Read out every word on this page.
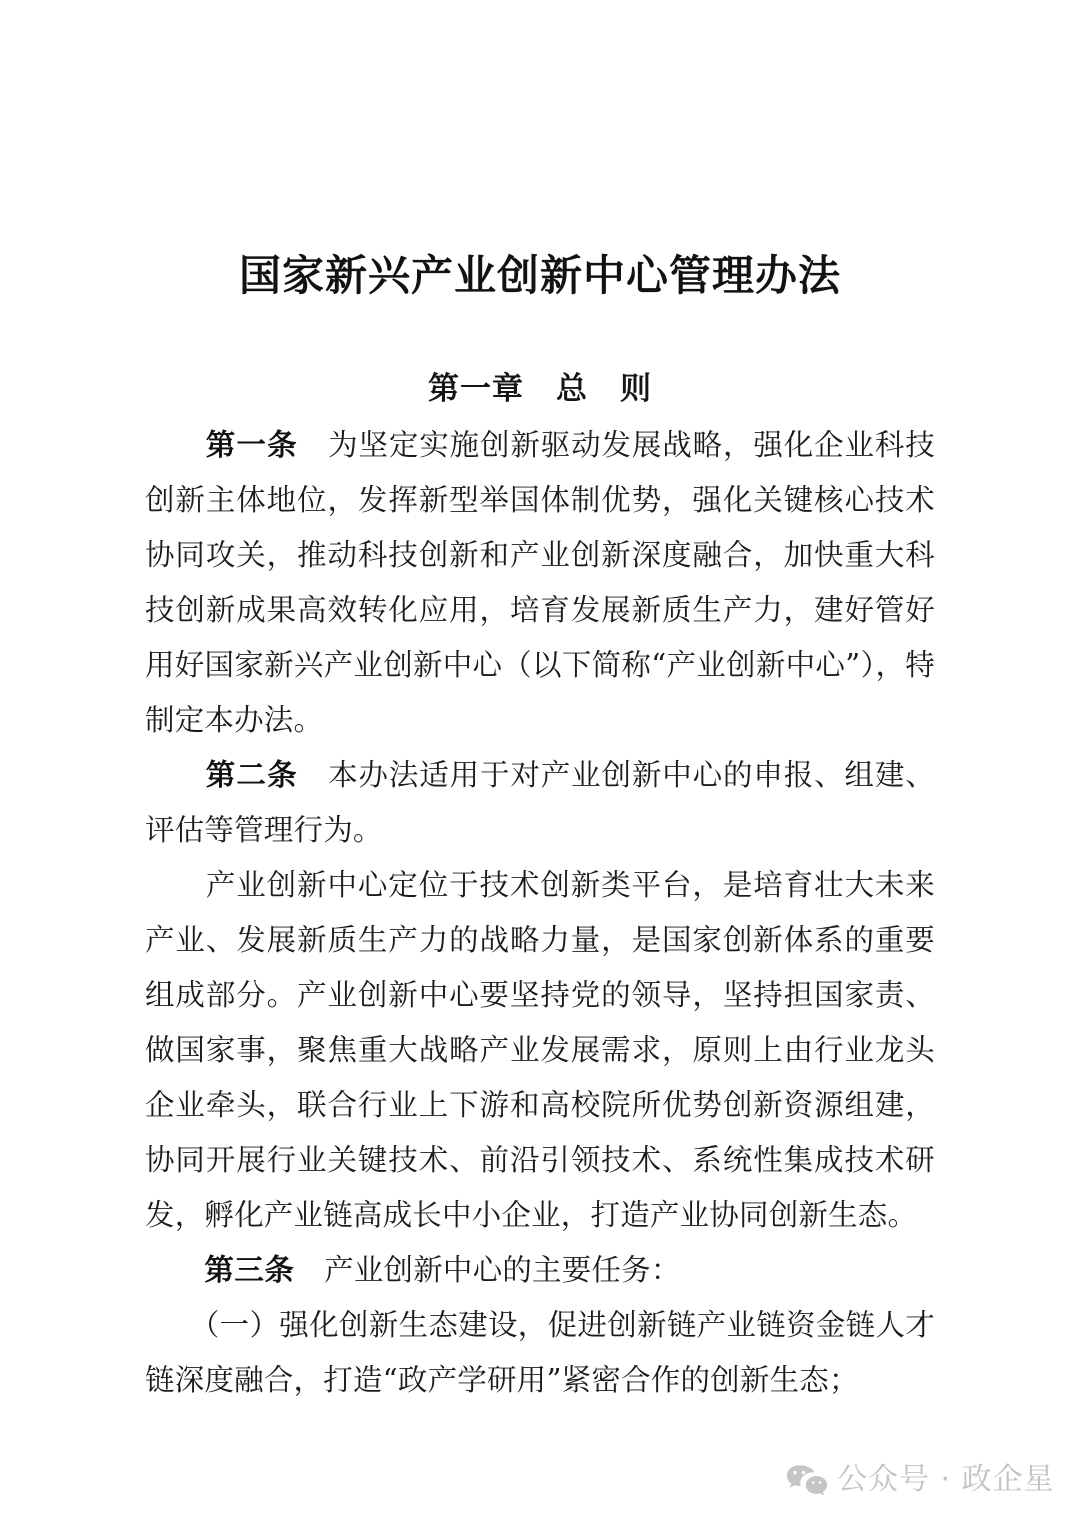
国家新兴产业创新中心管理办法
第一章　总　则

　　第一条　 为坚定实施创新驱动发展战略，强化企业科技创新主体地位，发挥新型举国体制优势，强化关键核心技术协同攻关，推动科技创新和产业创新深度融合，加快重大科技创新成果高效转化应用，培育发展新质生产力，建好管好用好国家新兴产业创新中心（以下简称“产业创新中心”），特制定本办法。

　　第二条　 本办法适用于对产业创新中心的申报、组建、评估等管理行为。

　　产业创新中心定位于技术创新类平台，是培育壮大未来产业、发展新质生产力的战略力量，是国家创新体系的重要组成部分。产业创新中心要坚持党的领导，坚持担国家责、做国家事，聚焦重大战略产业发展需求，原则上由行业龙头企业牵头，联合行业上下游和高校院所优势创新资源组建，协同开展行业关键技术、前沿引领技术、系统性集成技术研发，孵化产业链高成长中小企业，打造产业协同创新生态。

　　第三条　 产业创新中心的主要任务：

　　（一）强化创新生态建设，促进创新链产业链资金链人才链深度融合，打造“政产学研用”紧密合作的创新生态；

公众号 · 政企星
